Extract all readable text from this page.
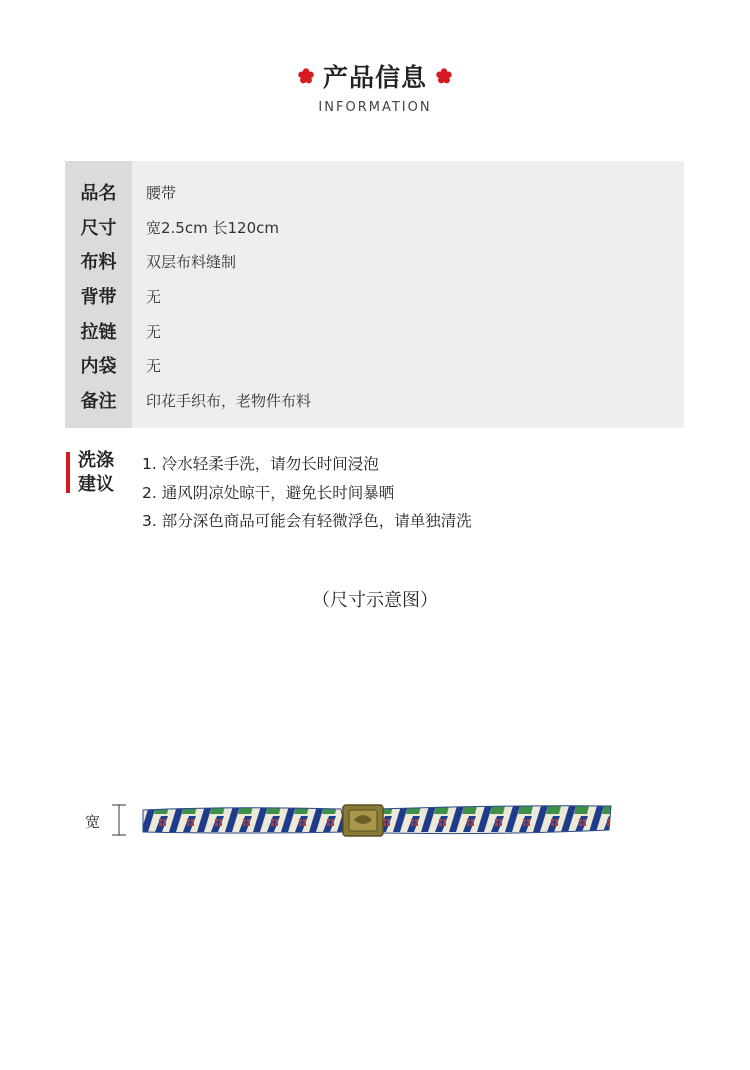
产品信息
INFORMATION
品名	腰带
尺寸	宽2.5cm 长120cm
布料	双层布料缝制
背带	无
拉链	无
内袋	无
备注	印花手织布，老物件布料
洗涤
建议
1. 冷水轻柔手洗，请勿长时间浸泡
2. 通风阴凉处晾干，避免长时间暴晒
3. 部分深色商品可能会有轻微浮色，请单独清洗
（尺寸示意图）
宽
